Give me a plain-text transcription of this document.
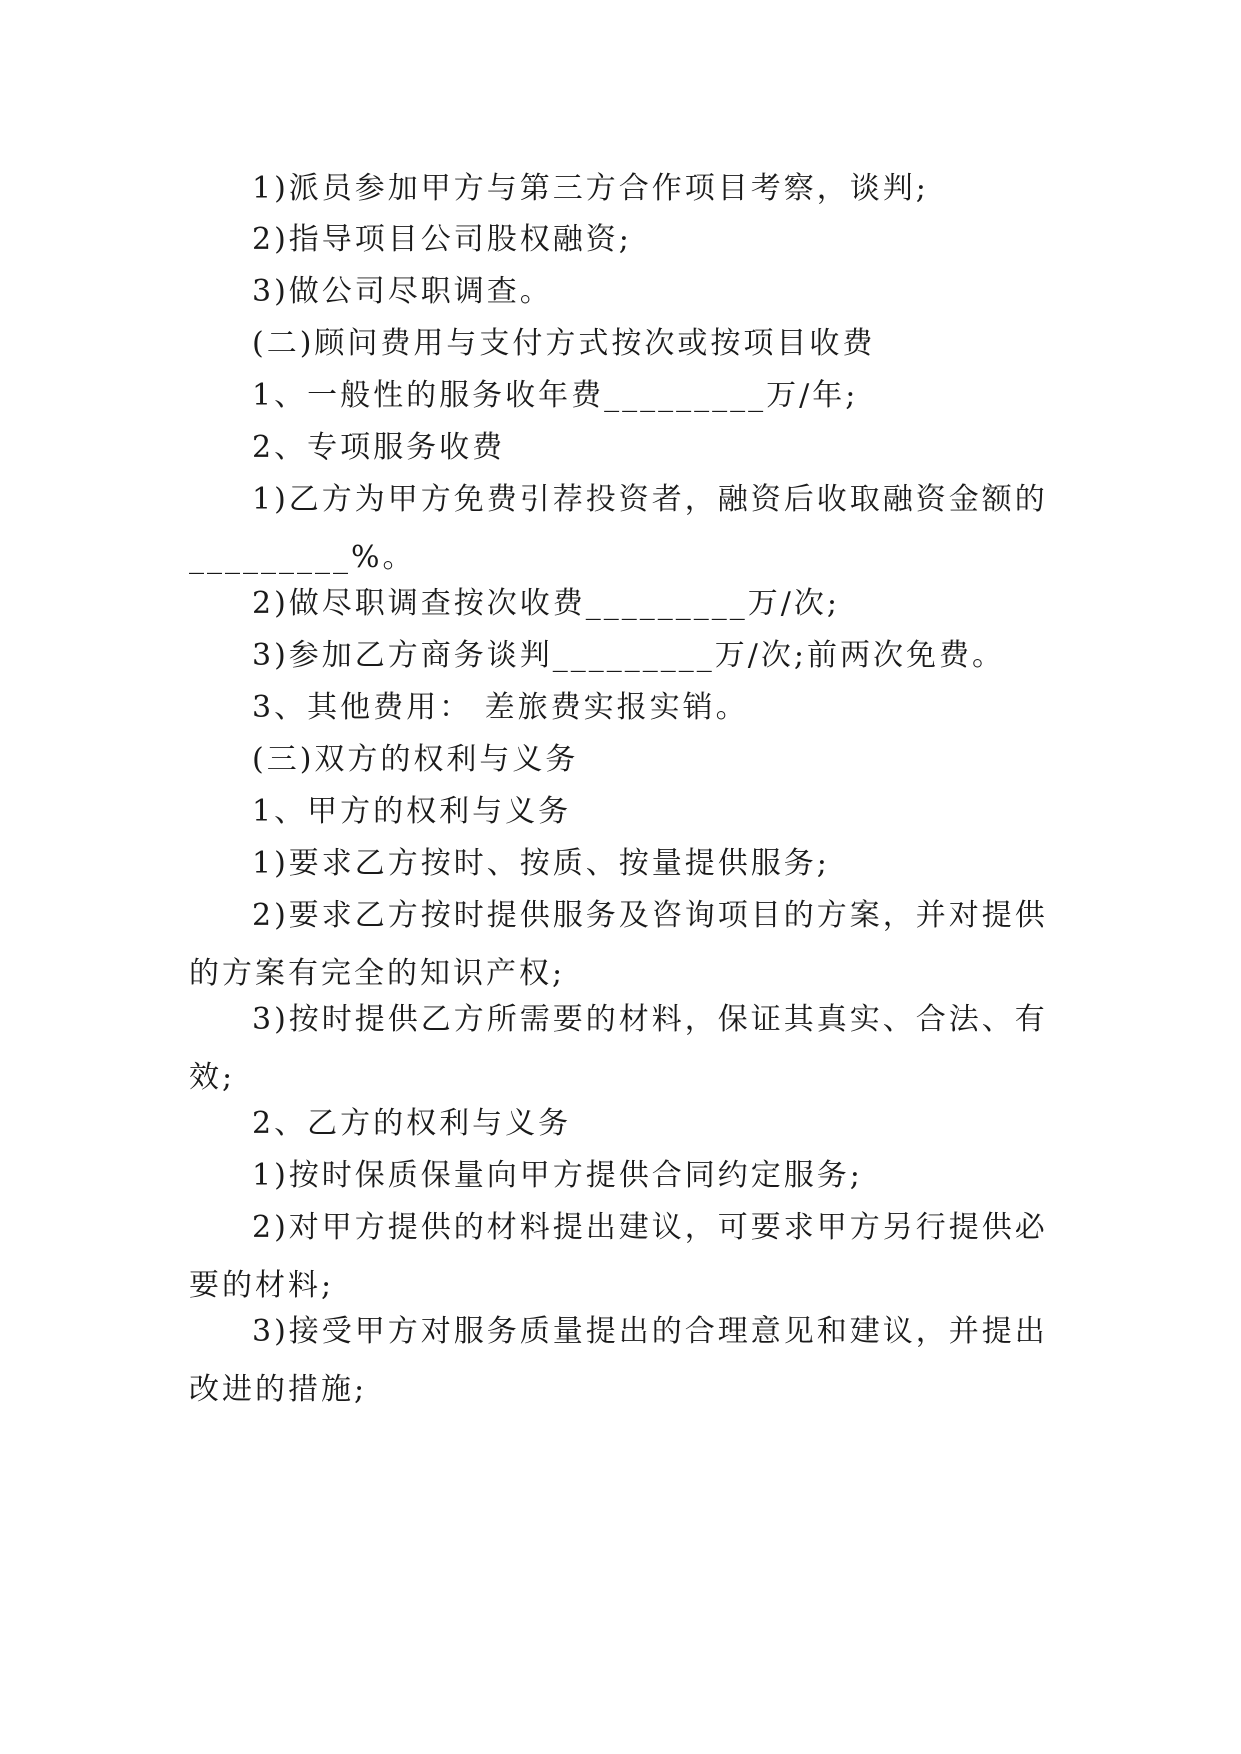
1)派员参加甲方与第三方合作项目考察，谈判;

2)指导项目公司股权融资;

3)做公司尽职调查。

(二)顾问费用与支付方式按次或按项目收费

1、一般性的服务收年费_________万/年;

2、专项服务收费

1)乙方为甲方免费引荐投资者，融资后收取融资金额的_________%。

2)做尽职调查按次收费_________万/次;

3)参加乙方商务谈判_________万/次;前两次免费。

3、其他费用： 差旅费实报实销。

(三)双方的权利与义务

1、甲方的权利与义务

1)要求乙方按时、按质、按量提供服务;

2)要求乙方按时提供服务及咨询项目的方案，并对提供的方案有完全的知识产权;

3)按时提供乙方所需要的材料，保证其真实、合法、有效;

2、乙方的权利与义务

1)按时保质保量向甲方提供合同约定服务;

2)对甲方提供的材料提出建议，可要求甲方另行提供必要的材料;

3)接受甲方对服务质量提出的合理意见和建议，并提出改进的措施;
